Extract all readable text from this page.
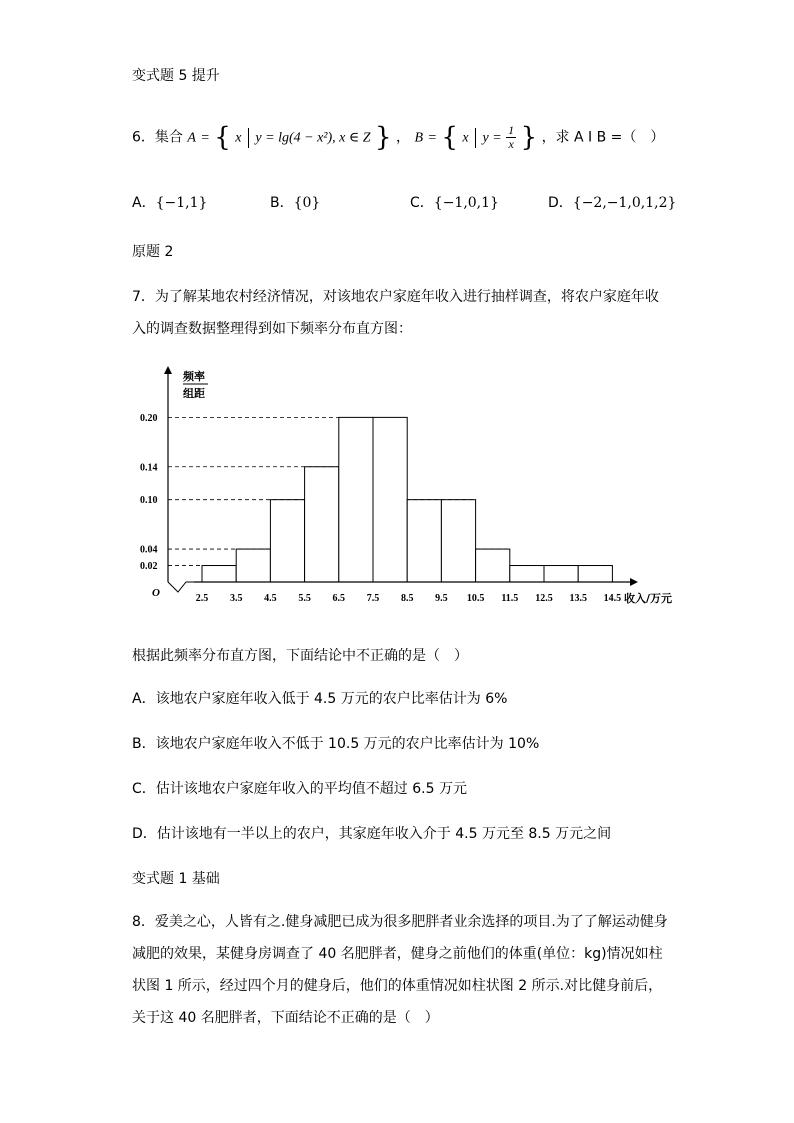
变式题 5 提升
6．集合 A = { x y = lg(4 − x²), x ∈ Z } ， B = { x $y = \frac{1}{x}$ } ，求 A I B =（　）
A．{−1,1}	B．{0}	C．{−1,0,1}	D．{−2,−1,0,1,2}
原题 2
7．为了解某地农村经济情况，对该地农户家庭年收入进行抽样调查，将农户家庭年收
入的调查数据整理得到如下频率分布直方图：
O
频率
组距
收入/万元
0.02
0.04
0.10
0.14
0.20
2.5 3.5 4.5 5.5 6.5 7.5 8.5 9.5 10.5 11.5 12.5 13.5 14.5
根据此频率分布直方图，下面结论中不正确的是（　）
A．该地农户家庭年收入低于 4.5 万元的农户比率估计为 6%
B．该地农户家庭年收入不低于 10.5 万元的农户比率估计为 10%
C．估计该地农户家庭年收入的平均值不超过 6.5 万元
D．估计该地有一半以上的农户，其家庭年收入介于 4.5 万元至 8.5 万元之间
变式题 1 基础
8．爱美之心，人皆有之.健身减肥已成为很多肥胖者业余选择的项目.为了了解运动健身
减肥的效果，某健身房调查了 40 名肥胖者，健身之前他们的体重(单位：kg)情况如柱
状图 1 所示，经过四个月的健身后，他们的体重情况如柱状图 2 所示.对比健身前后，
关于这 40 名肥胖者，下面结论不正确的是（　）
